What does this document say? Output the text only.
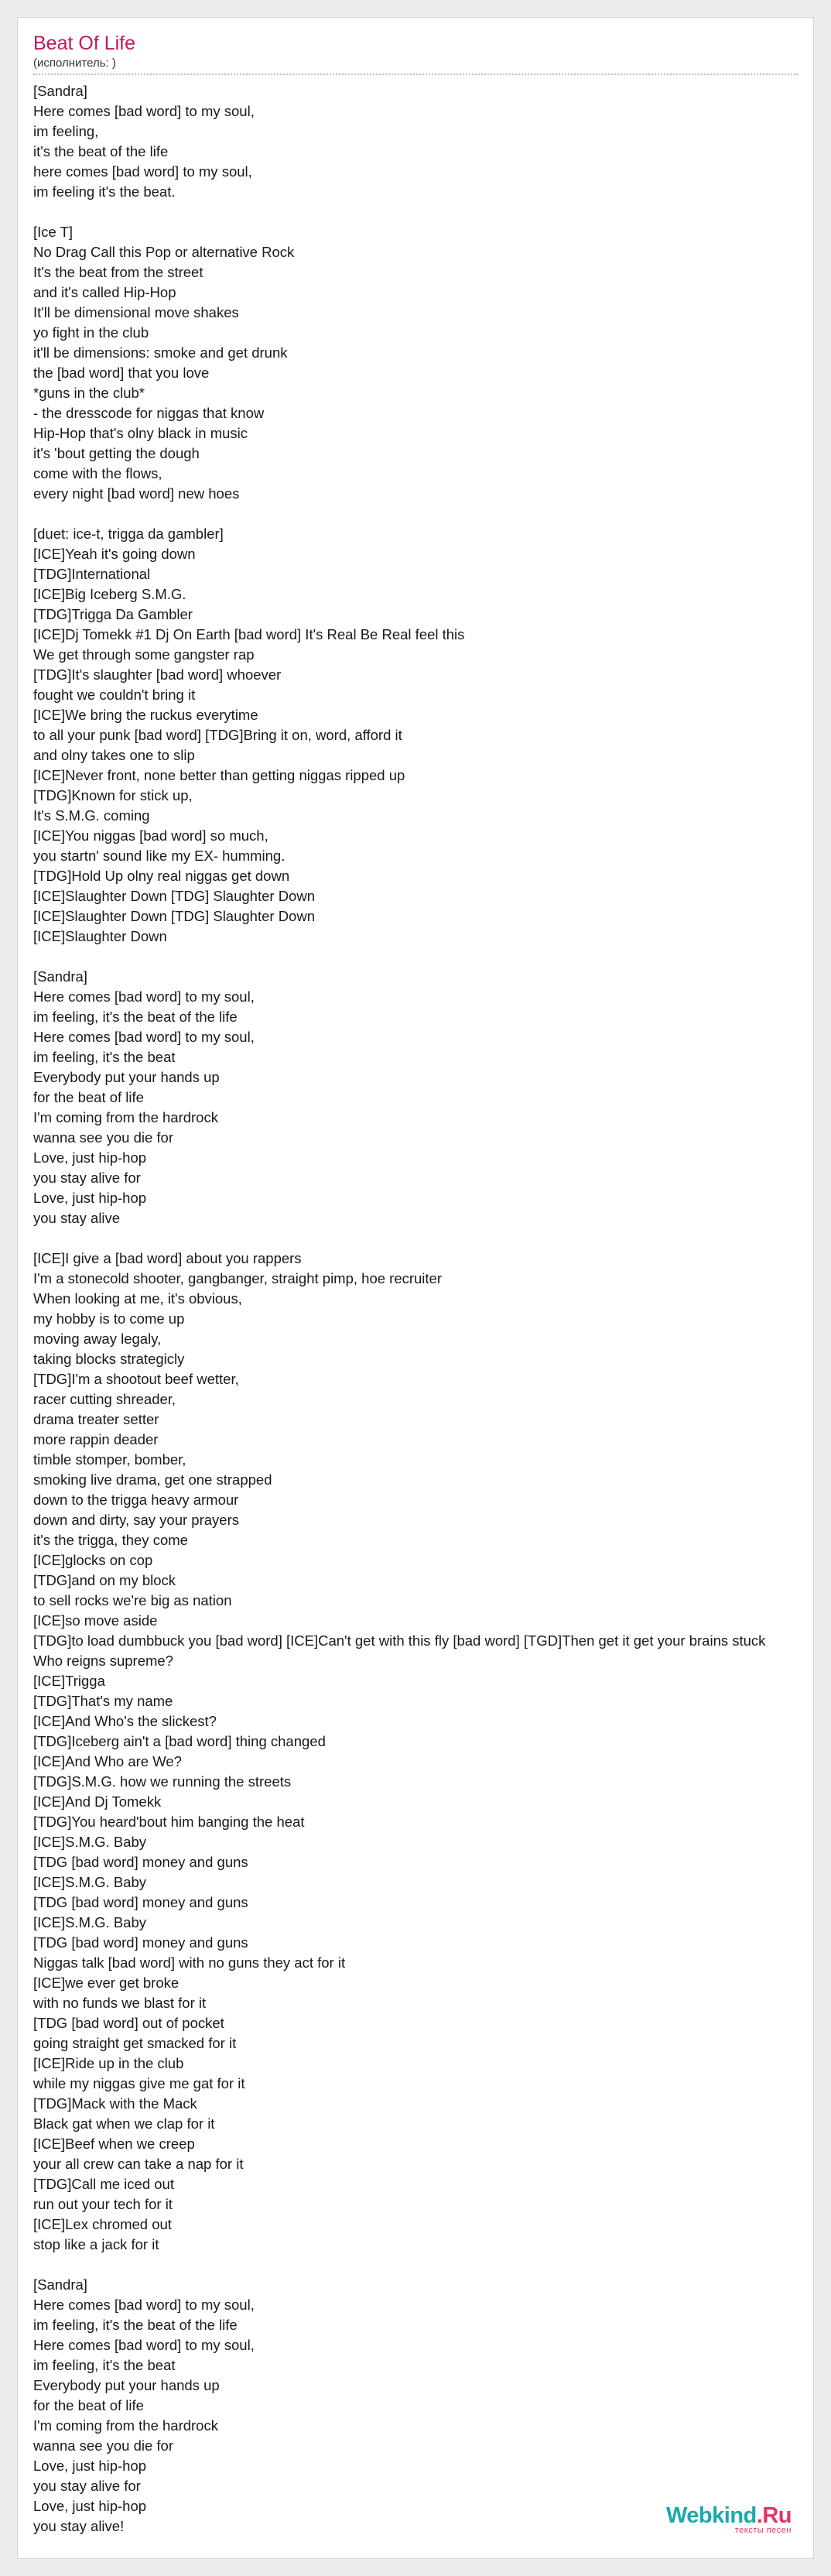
Beat Of Life
(исполнитель: )
[Sandra]
Here comes [bad word] to my soul,
im feeling,
it's the beat of the life
here comes [bad word] to my soul,
im feeling it's the beat.
[Ice T]
No Drag Call this Pop or alternative Rock
It's the beat from the street
and it's called Hip-Hop
It'll be dimensional move shakes
yo fight in the club
it'll be dimensions: smoke and get drunk
the [bad word] that you love
*guns in the club*
- the dresscode for niggas that know
Hip-Hop that's olny black in music
it's 'bout getting the dough
come with the flows,
every night [bad word] new hoes
[duet: ice-t, trigga da gambler]
[ICE]Yeah it's going down
[TDG]International
[ICE]Big Iceberg S.M.G.
[TDG]Trigga Da Gambler
[ICE]Dj Tomekk #1 Dj On Earth [bad word] It's Real Be Real feel this
We get through some gangster rap
[TDG]It's slaughter [bad word] whoever
fought we couldn't bring it
[ICE]We bring the ruckus everytime
to all your punk [bad word] [TDG]Bring it on, word, afford it
and olny takes one to slip
[ICE]Never front, none better than getting niggas ripped up
[TDG]Known for stick up,
It's S.M.G. coming
[ICE]You niggas [bad word] so much,
you startn' sound like my EX- humming.
[TDG]Hold Up olny real niggas get down
[ICE]Slaughter Down [TDG] Slaughter Down
[ICE]Slaughter Down [TDG] Slaughter Down
[ICE]Slaughter Down
[Sandra]
Here comes [bad word] to my soul,
im feeling, it's the beat of the life
Here comes [bad word] to my soul,
im feeling, it's the beat
Everybody put your hands up
for the beat of life
I'm coming from the hardrock
wanna see you die for
Love, just hip-hop
you stay alive for
Love, just hip-hop
you stay alive
[ICE]I give a [bad word] about you rappers
I'm a stonecold shooter, gangbanger, straight pimp, hoe recruiter
When looking at me, it's obvious,
my hobby is to come up
moving away legaly,
taking blocks strategicly
[TDG]I'm a shootout beef wetter,
racer cutting shreader,
drama treater setter
more rappin deader
timble stomper, bomber,
smoking live drama, get one strapped
down to the trigga heavy armour
down and dirty, say your prayers
it's the trigga, they come
[ICE]glocks on cop
[TDG]and on my block
to sell rocks we're big as nation
[ICE]so move aside
[TDG]to load dumbbuck you [bad word] [ICE]Can't get with this fly [bad word] [TGD]Then get it get your brains stuck
Who reigns supreme?
[ICE]Trigga
[TDG]That's my name
[ICE]And Who's the slickest?
[TDG]Iceberg ain't a [bad word] thing changed
[ICE]And Who are We?
[TDG]S.M.G. how we running the streets
[ICE]And Dj Tomekk
[TDG]You heard'bout him banging the heat
[ICE]S.M.G. Baby
[TDG [bad word] money and guns
[ICE]S.M.G. Baby
[TDG [bad word] money and guns
[ICE]S.M.G. Baby
[TDG [bad word] money and guns
Niggas talk [bad word] with no guns they act for it
[ICE]we ever get broke
with no funds we blast for it
[TDG [bad word] out of pocket
going straight get smacked for it
[ICE]Ride up in the club
while my niggas give me gat for it
[TDG]Mack with the Mack
Black gat when we clap for it
[ICE]Beef when we creep
your all crew can take a nap for it
[TDG]Call me iced out
run out your tech for it
[ICE]Lex chromed out
stop like a jack for it
[Sandra]
Here comes [bad word] to my soul,
im feeling, it's the beat of the life
Here comes [bad word] to my soul,
im feeling, it's the beat
Everybody put your hands up
for the beat of life
I'm coming from the hardrock
wanna see you die for
Love, just hip-hop
you stay alive for
Love, just hip-hop
you stay alive!	Webkind.Ru
тексты песен
